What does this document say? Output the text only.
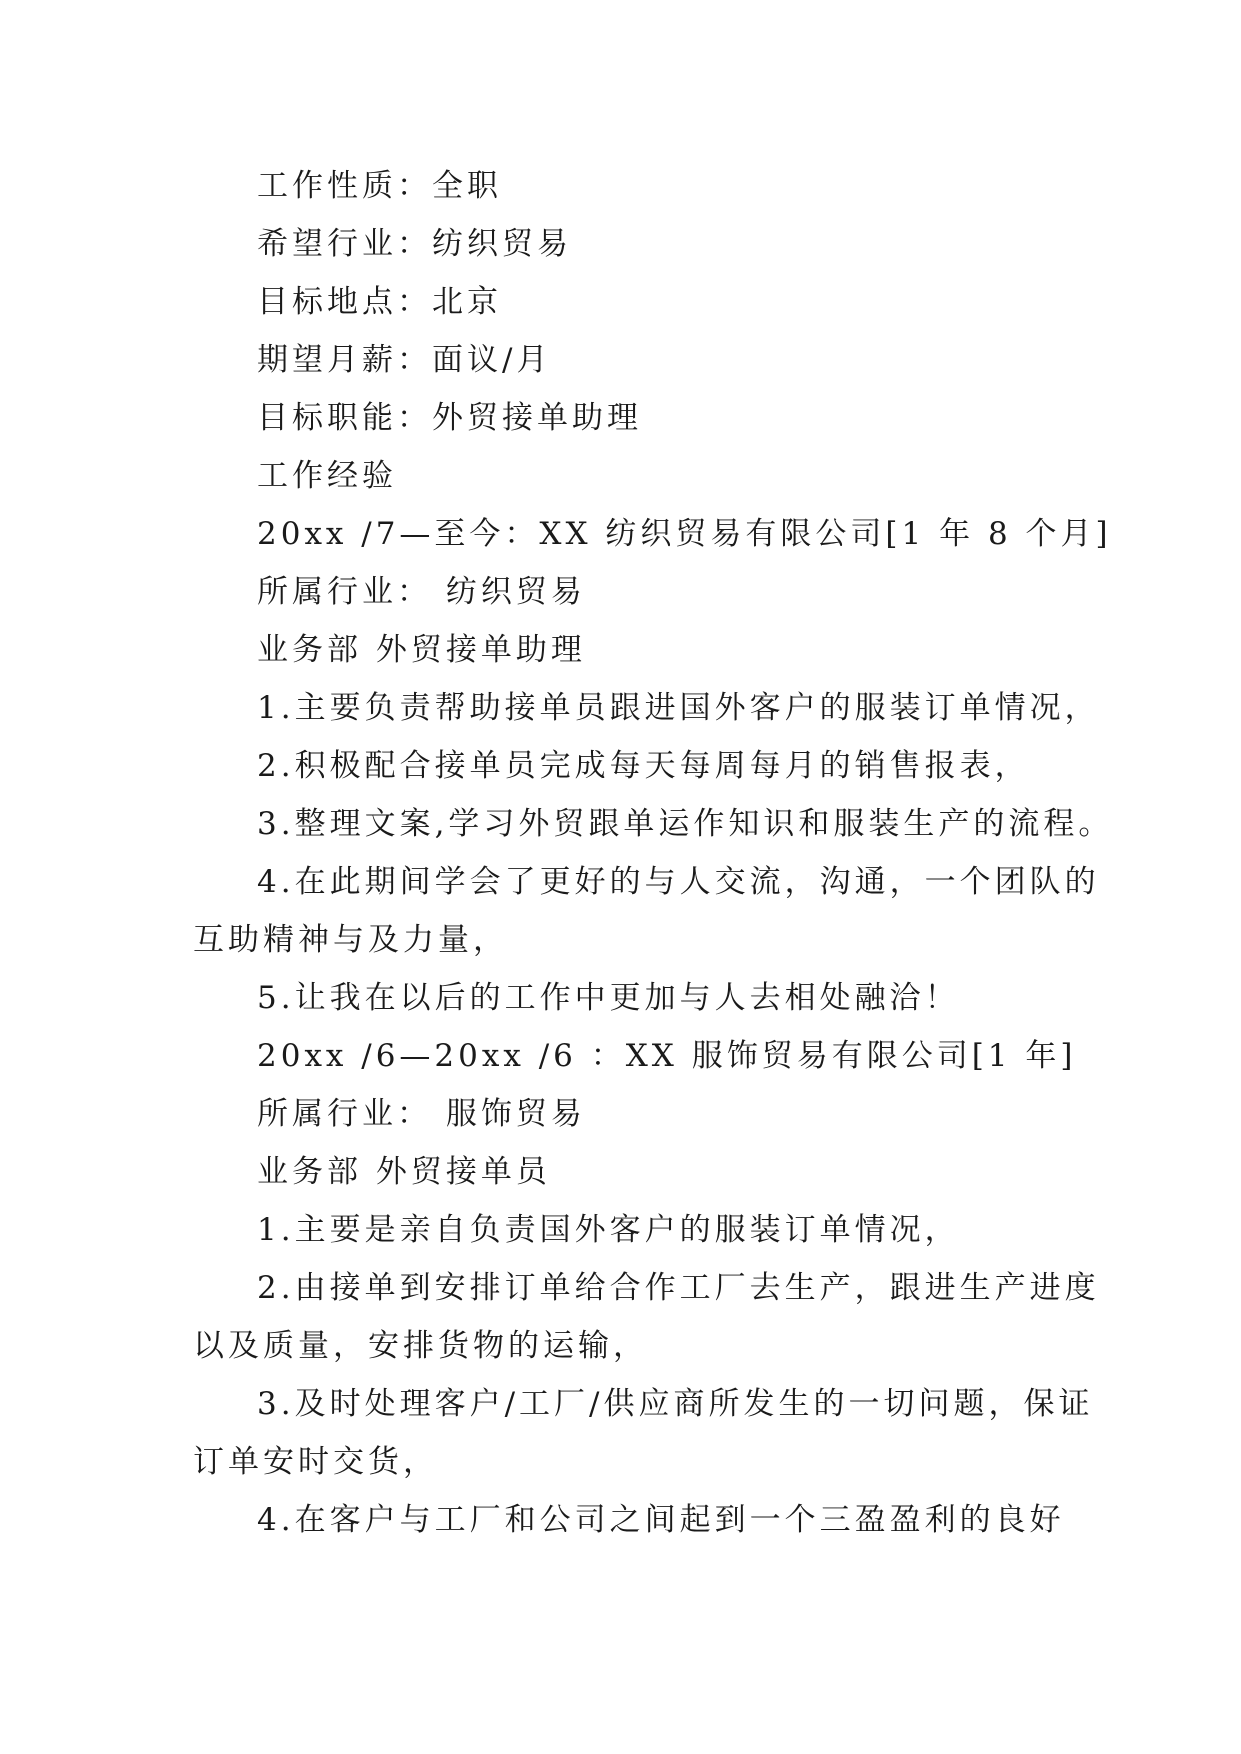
工作性质：全职
希望行业：纺织贸易
目标地点：北京
期望月薪：面议/月
目标职能：外贸接单助理
工作经验
20xx /7—至今：XX 纺织贸易有限公司[1 年 8 个月]
所属行业： 纺织贸易
业务部 外贸接单助理
1.主要负责帮助接单员跟进国外客户的服装订单情况，
2.积极配合接单员完成每天每周每月的销售报表，
3.整理文案,学习外贸跟单运作知识和服装生产的流程。
4.在此期间学会了更好的与人交流，沟通，一个团队的
互助精神与及力量，
5.让我在以后的工作中更加与人去相处融洽！
20xx /6—20xx /6 ：XX 服饰贸易有限公司[1 年]
所属行业： 服饰贸易
业务部 外贸接单员
1.主要是亲自负责国外客户的服装订单情况，
2.由接单到安排订单给合作工厂去生产，跟进生产进度
以及质量，安排货物的运输，
3.及时处理客户/工厂/供应商所发生的一切问题，保证
订单安时交货，
4.在客户与工厂和公司之间起到一个三盈盈利的良好
